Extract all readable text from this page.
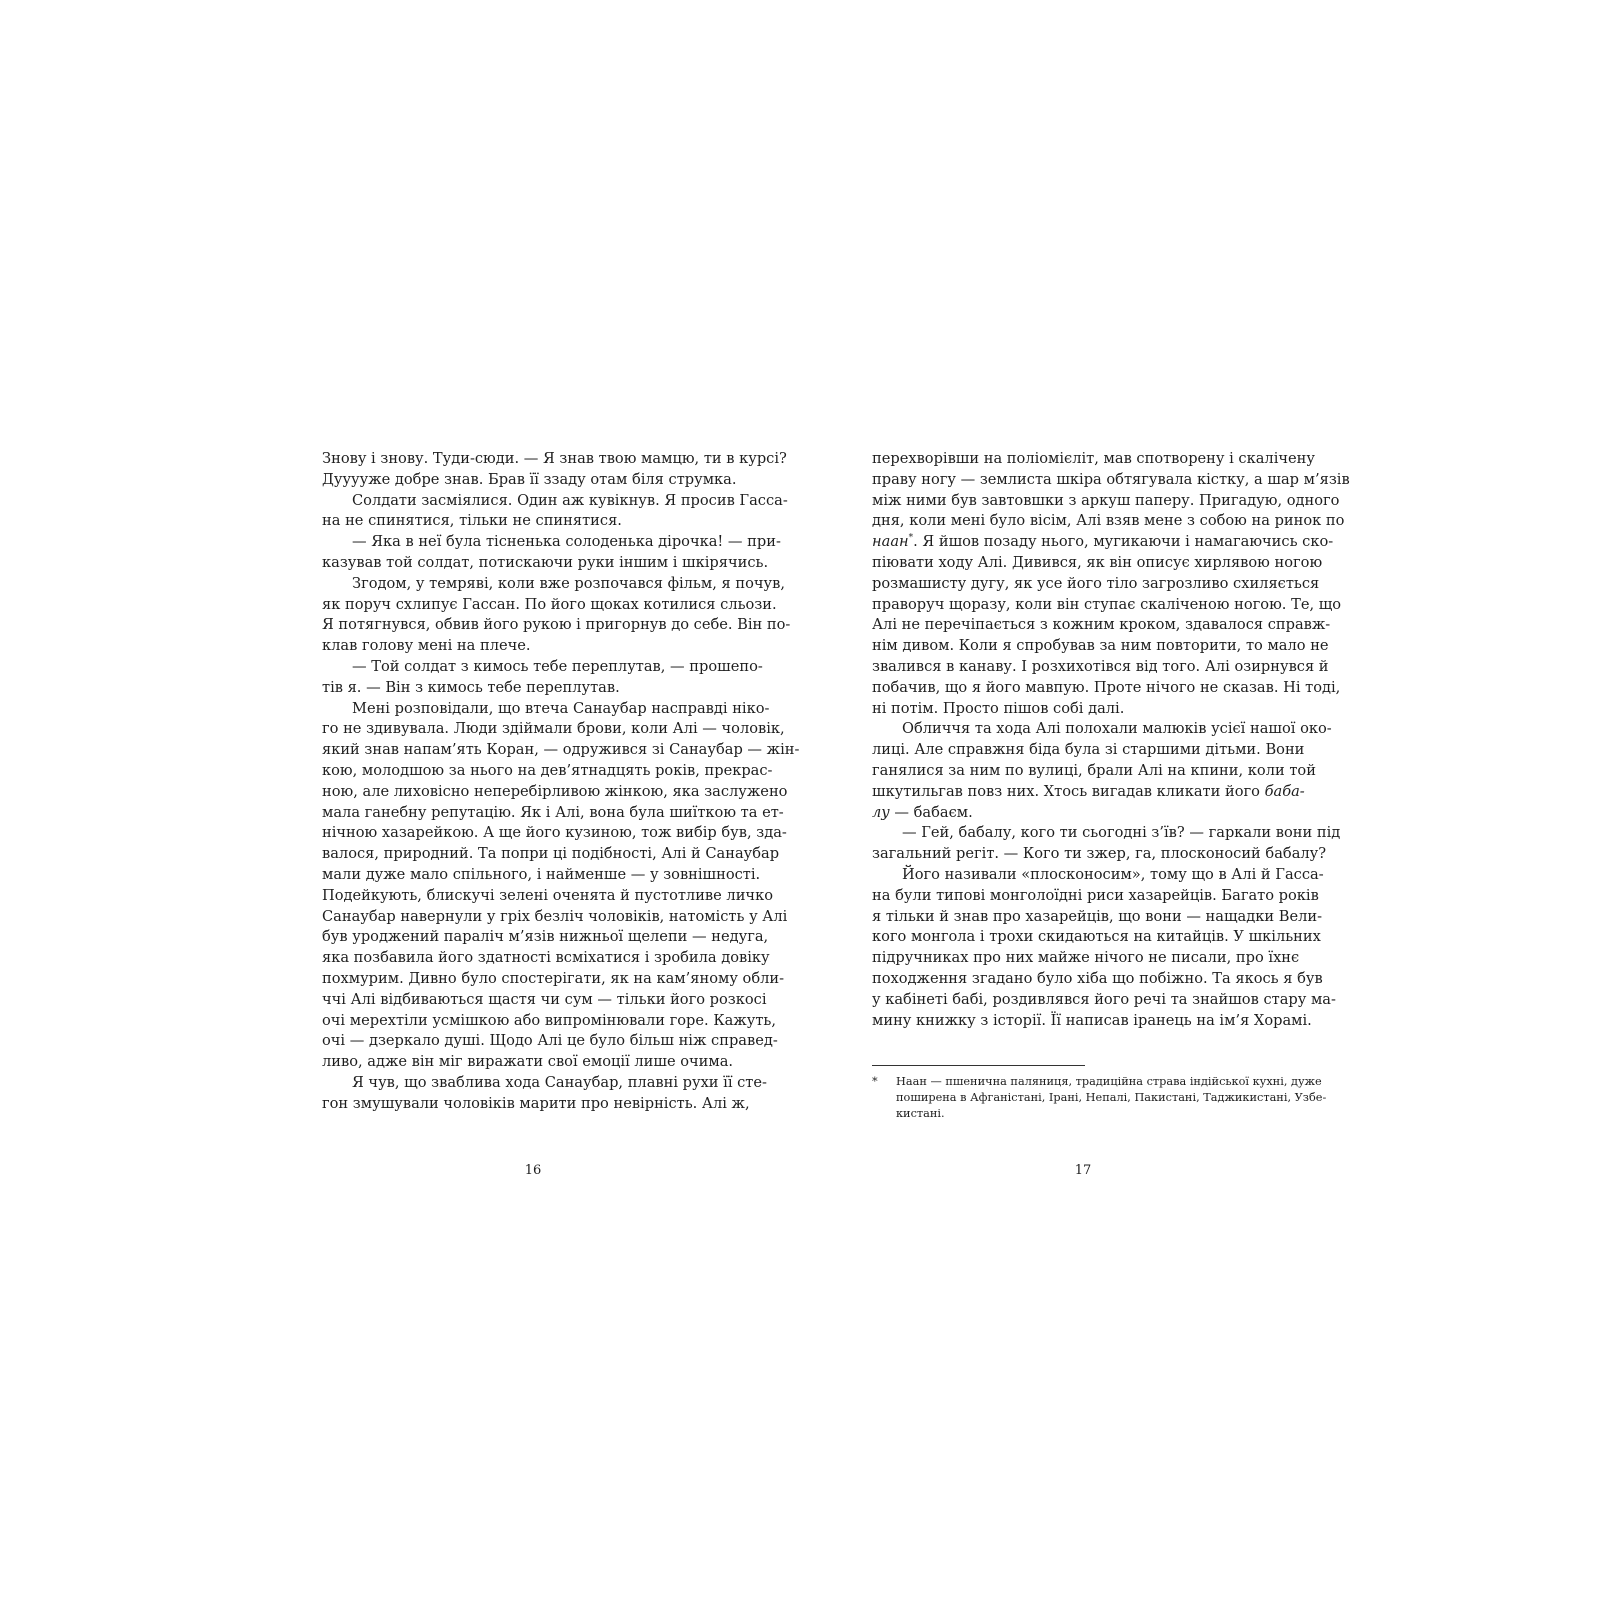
Знову і знову. Туди-сюди. — Я знав твою мамцю, ти в курсі?
Дууууже добре знав. Брав її ззаду отам біля струмка.
Солдати засміялися. Один аж кувікнув. Я просив Гасса-
на не спинятися, тільки не спинятися.
— Яка в неї була тісненька солоденька дірочка! — при-
казував той солдат, потискаючи руки іншим і шкірячись.
Згодом, у темряві, коли вже розпочався фільм, я почув,
як поруч схлипує Гассан. По його щоках котилися сльози.
Я потягнувся, обвив його рукою і пригорнув до себе. Він по-
клав голову мені на плече.
— Той солдат з кимось тебе переплутав, — прошепо-
тів я. — Він з кимось тебе переплутав.
Мені розповідали, що втеча Санаубар насправді ніко-
го не здивувала. Люди здіймали брови, коли Алі — чоловік,
який знав напам’ять Коран, — одружився зі Санаубар — жін-
кою, молодшою за нього на дев’ятнадцять років, прекрас-
ною, але лиховісно неперебірливою жінкою, яка заслужено
мала ганебну репутацію. Як і Алі, вона була шиїткою та ет-
нічною хазарейкою. А ще його кузиною, тож вибір був, зда-
валося, природний. Та попри ці подібності, Алі й Санаубар
мали дуже мало спільного, і найменше — у зовнішності.
Подейкують, блискучі зелені оченята й пустотливе личко
Санаубар навернули у гріх безліч чоловіків, натомість у Алі
був уроджений параліч м’язів нижньої щелепи — недуга,
яка позбавила його здатності всміхатися і зробила довіку
похмурим. Дивно було спостерігати, як на кам’яному обли-
ччі Алі відбиваються щастя чи сум — тільки його розкосі
очі мерехтіли усмішкою або випромінювали горе. Кажуть,
очі — дзеркало душі. Щодо Алі це було більш ніж справед-
ливо, адже він міг виражати свої емоції лише очима.
Я чув, що зваблива хода Санаубар, плавні рухи її сте-
гон змушували чоловіків марити про невірність. Алі ж,
перехворівши на поліомієліт, мав спотворену і скалічену
праву ногу — землиста шкіра обтягувала кістку, а шар м’язів
між ними був завтовшки з аркуш паперу. Пригадую, одного
дня, коли мені було вісім, Алі взяв мене з собою на ринок по
наан*. Я йшов позаду нього, мугикаючи і намагаючись ско-
піювати ходу Алі. Дивився, як він описує хирлявою ногою
розмашисту дугу, як усе його тіло загрозливо схиляється
праворуч щоразу, коли він ступає скаліченою ногою. Те, що
Алі не перечіпається з кожним кроком, здавалося справж-
нім дивом. Коли я спробував за ним повторити, то мало не
звалився в канаву. І розхихотівся від того. Алі озирнувся й
побачив, що я його мавпую. Проте нічого не сказав. Ні тоді,
ні потім. Просто пішов собі далі.
Обличчя та хода Алі полохали малюків усієї нашої око-
лиці. Але справжня біда була зі старшими дітьми. Вони
ганялися за ним по вулиці, брали Алі на кпини, коли той
шкутильгав повз них. Хтось вигадав кликати його бабa-
лу — бабаєм.
— Гей, бабалу, кого ти сьогодні з’їв? — гаркали вони під
загальний регіт. — Кого ти зжер, га, плосконосий бабалу?
Його називали «плосконосим», тому що в Алі й Гасса-
на були типові монголоїдні риси хазарейців. Багато років
я тільки й знав про хазарейців, що вони — нащадки Вели-
кого монгола і трохи скидаються на китайців. У шкільних
підручниках про них майже нічого не писали, про їхнє
походження згадано було хіба що побіжно. Та якось я був
у кабінеті бабі, роздивлявся його речі та знайшов стару ма-
мину книжку з історії. Її написав іранець на ім’я Хорамі.
* Наан — пшенична паляниця, традиційна страва індійської кухні, дуже
поширена в Афганістані, Ірані, Непалі, Пакистані, Таджикистані, Узбе-
кистані.
16	17
